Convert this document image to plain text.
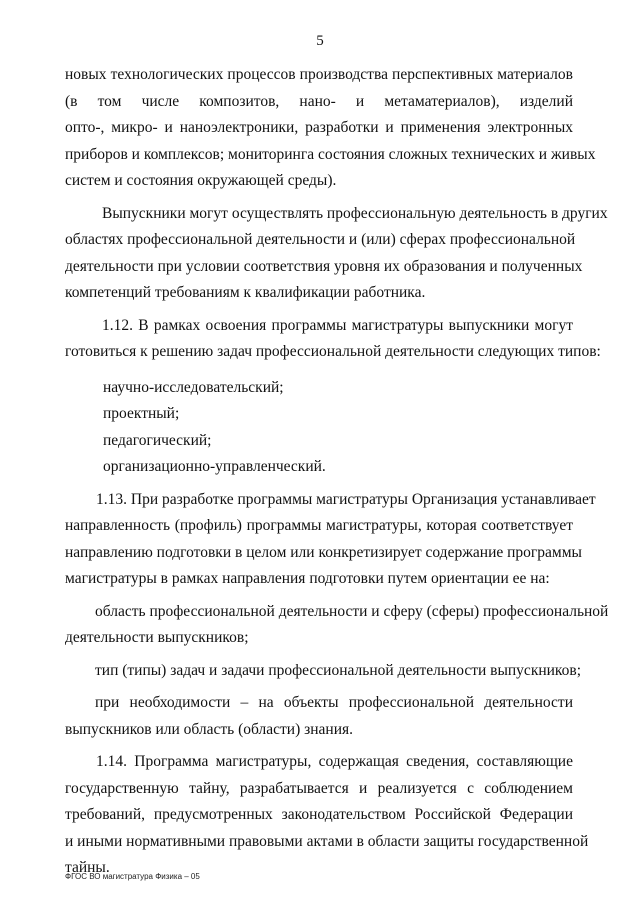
5
новых технологических процессов производства перспективных материалов
(в том числе композитов, нано- и метаматериалов), изделий
опто-, микро- и наноэлектроники, разработки и применения электронных
приборов и комплексов; мониторинга состояния сложных технических и живых
систем и состояния окружающей среды).
Выпускники могут осуществлять профессиональную деятельность в других
областях профессиональной деятельности и (или) сферах профессиональной
деятельности при условии соответствия уровня их образования и полученных
компетенций требованиям к квалификации работника.
1.12. В рамках освоения программы магистратуры выпускники могут
готовиться к решению задач профессиональной деятельности следующих типов:
научно-исследовательский;
проектный;
педагогический;
организационно-управленческий.
1.13. При разработке программы магистратуры Организация устанавливает
направленность (профиль) программы магистратуры, которая соответствует
направлению подготовки в целом или конкретизирует содержание программы
магистратуры в рамках направления подготовки путем ориентации ее на:
область профессиональной деятельности и сферу (сферы) профессиональной
деятельности выпускников;
тип (типы) задач и задачи профессиональной деятельности выпускников;
при необходимости – на объекты профессиональной деятельности
выпускников или область (области) знания.
1.14. Программа магистратуры, содержащая сведения, составляющие
государственную тайну, разрабатывается и реализуется с соблюдением
требований, предусмотренных законодательством Российской Федерации
и иными нормативными правовыми актами в области защиты государственной
тайны.
ФГОС ВО магистратура Физика – 05
